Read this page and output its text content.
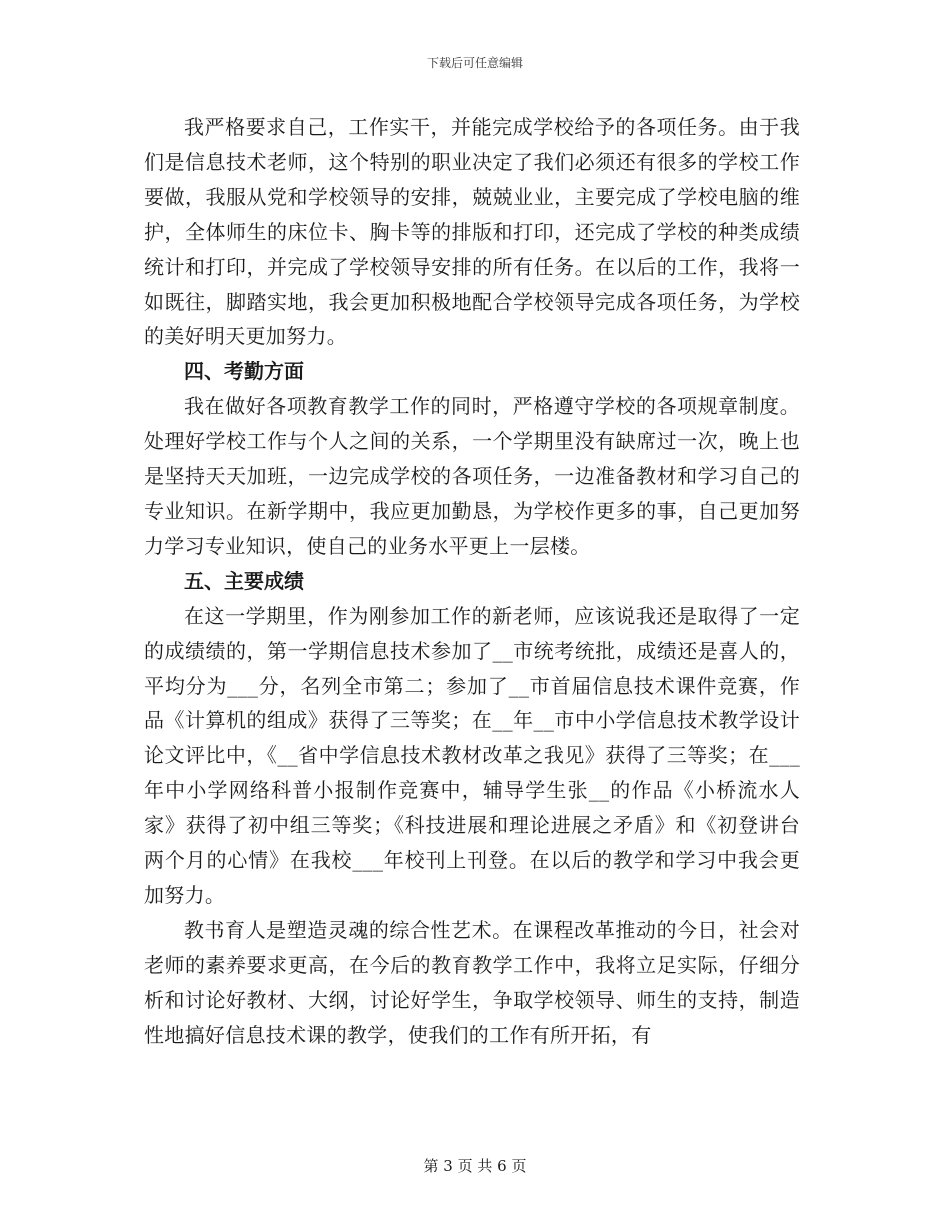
下载后可任意编辑

我严格要求自己，工作实干，并能完成学校给予的各项任务。由于我们是信息技术老师，这个特别的职业决定了我们必须还有很多的学校工作要做，我服从党和学校领导的安排，兢兢业业，主要完成了学校电脑的维护，全体师生的床位卡、胸卡等的排版和打印，还完成了学校的种类成绩统计和打印，并完成了学校领导安排的所有任务。在以后的工作，我将一如既往，脚踏实地，我会更加积极地配合学校领导完成各项任务，为学校的美好明天更加努力。

四、考勤方面

我在做好各项教育教学工作的同时，严格遵守学校的各项规章制度。处理好学校工作与个人之间的关系，一个学期里没有缺席过一次，晚上也是坚持天天加班，一边完成学校的各项任务，一边准备教材和学习自己的专业知识。在新学期中，我应更加勤恳，为学校作更多的事，自己更加努力学习专业知识，使自己的业务水平更上一层楼。

五、主要成绩

在这一学期里，作为刚参加工作的新老师，应该说我还是取得了一定的成绩绩的，第一学期信息技术参加了__市统考统批，成绩还是喜人的，平均分为___分，名列全市第二；参加了__市首届信息技术课件竞赛，作品《计算机的组成》获得了三等奖；在__年__市中小学信息技术教学设计论文评比中，《__省中学信息技术教材改革之我见》获得了三等奖；在___年中小学网络科普小报制作竞赛中，辅导学生张__的作品《小桥流水人家》获得了初中组三等奖；《科技进展和理论进展之矛盾》和《初登讲台两个月的心情》在我校___年校刊上刊登。在以后的教学和学习中我会更加努力。

教书育人是塑造灵魂的综合性艺术。在课程改革推动的今日，社会对老师的素养要求更高，在今后的教育教学工作中，我将立足实际，仔细分析和讨论好教材、大纲，讨论好学生，争取学校领导、师生的支持，制造性地搞好信息技术课的教学，使我们的工作有所开拓，有

第 3 页 共 6 页
